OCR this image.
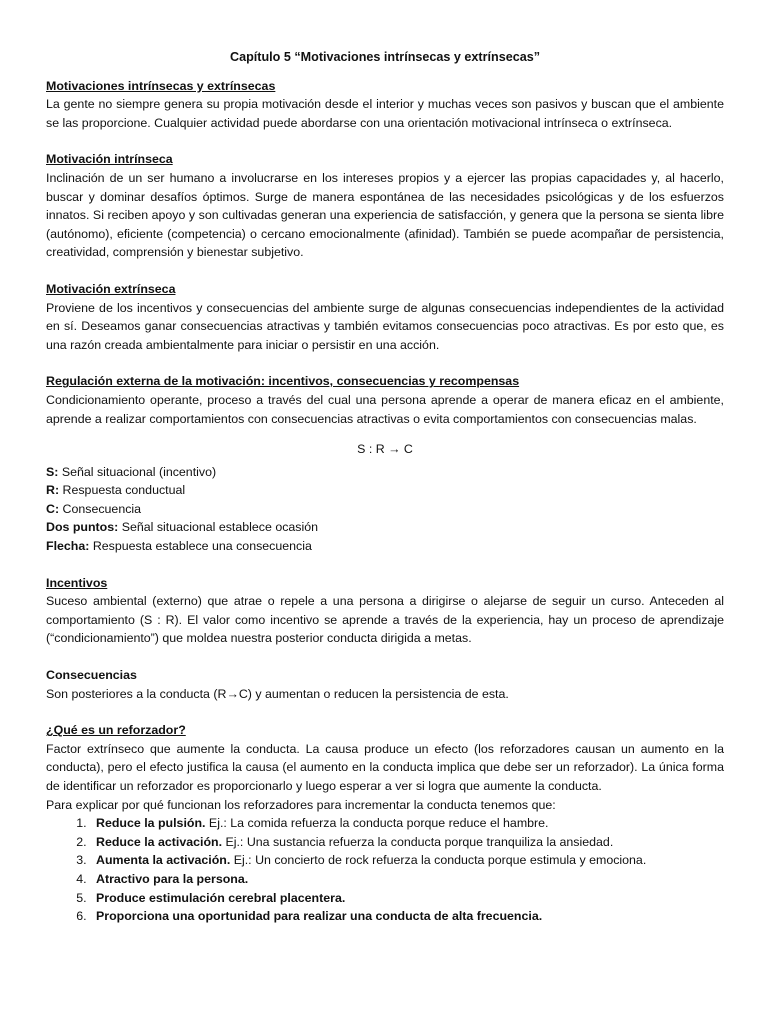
Capítulo 5 “Motivaciones intrínsecas y extrínsecas”

Motivaciones intrínsecas y extrínsecas

La gente no siempre genera su propia motivación desde el interior y muchas veces son pasivos y buscan que el ambiente se las proporcione. Cualquier actividad puede abordarse con una orientación motivacional intrínseca o extrínseca.

Motivación intrínseca

Inclinación de un ser humano a involucrarse en los intereses propios y a ejercer las propias capacidades y, al hacerlo, buscar y dominar desafíos óptimos. Surge de manera espontánea de las necesidades psicológicas y de los esfuerzos innatos. Si reciben apoyo y son cultivadas generan una experiencia de satisfacción, y genera que la persona se sienta libre (autónomo), eficiente (competencia) o cercano emocionalmente (afinidad). También se puede acompañar de persistencia, creatividad, comprensión y bienestar subjetivo.

Motivación extrínseca

Proviene de los incentivos y consecuencias del ambiente surge de algunas consecuencias independientes de la actividad en sí. Deseamos ganar consecuencias atractivas y también evitamos consecuencias poco atractivas. Es por esto que, es una razón creada ambientalmente para iniciar o persistir en una acción.

Regulación externa de la motivación: incentivos, consecuencias y recompensas

Condicionamiento operante, proceso a través del cual una persona aprende a operar de manera eficaz en el ambiente, aprende a realizar comportamientos con consecuencias atractivas o evita comportamientos con consecuencias malas.

S : R → C

S: Señal situacional (incentivo)
R: Respuesta conductual
C: Consecuencia
Dos puntos: Señal situacional establece ocasión
Flecha: Respuesta establece una consecuencia

Incentivos

Suceso ambiental (externo) que atrae o repele a una persona a dirigirse o alejarse de seguir un curso. Anteceden al comportamiento (S : R). El valor como incentivo se aprende a través de la experiencia, hay un proceso de aprendizaje (“condicionamiento”) que moldea nuestra posterior conducta dirigida a metas.

Consecuencias

Son posteriores a la conducta (R→C) y aumentan o reducen la persistencia de esta.

¿Qué es un reforzador?

Factor extrínseco que aumente la conducta. La causa produce un efecto (los reforzadores causan un aumento en la conducta), pero el efecto justifica la causa (el aumento en la conducta implica que debe ser un reforzador). La única forma de identificar un reforzador es proporcionarlo y luego esperar a ver si logra que aumente la conducta.

Para explicar por qué funcionan los reforzadores para incrementar la conducta tenemos que:

1. Reduce la pulsión. Ej.: La comida refuerza la conducta porque reduce el hambre.
2. Reduce la activación. Ej.: Una sustancia refuerza la conducta porque tranquiliza la ansiedad.
3. Aumenta la activación. Ej.: Un concierto de rock refuerza la conducta porque estimula y emociona.
4. Atractivo para la persona.
5. Produce estimulación cerebral placentera.
6. Proporciona una oportunidad para realizar una conducta de alta frecuencia.
